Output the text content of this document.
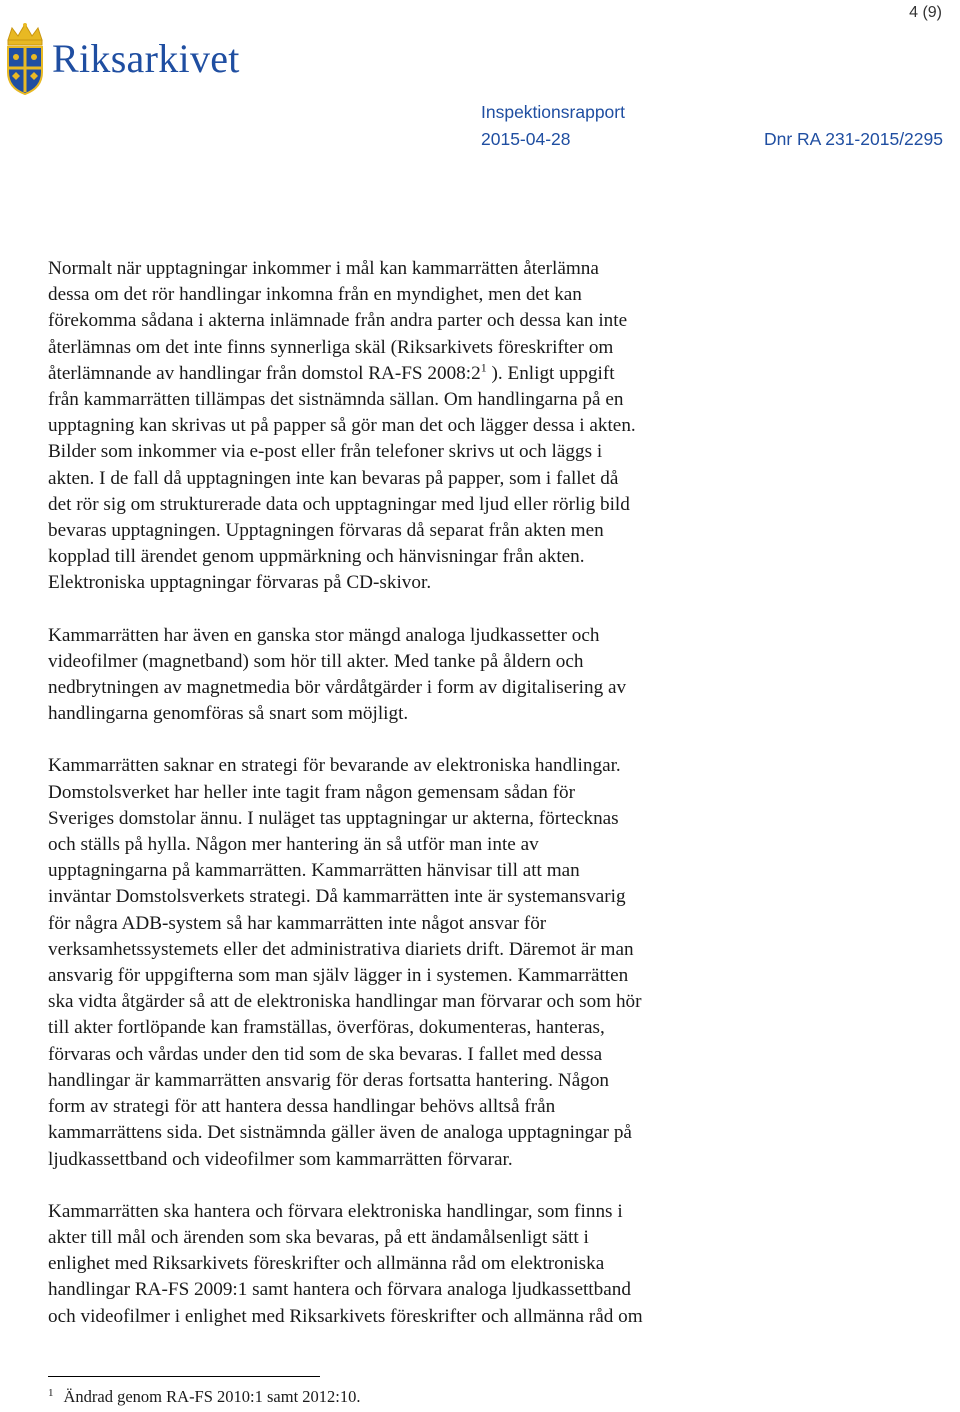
4 (9)
Riksarkivet
Inspektionsrapport
2015-04-28	Dnr RA 231-2015/2295

Normalt när upptagningar inkommer i mål kan kammarrätten återlämna
dessa om det rör handlingar inkomna från en myndighet, men det kan
förekomma sådana i akterna inlämnade från andra parter och dessa kan inte
återlämnas om det inte finns synnerliga skäl (Riksarkivets föreskrifter om
återlämnande av handlingar från domstol RA-FS $2008:2^1$ ). Enligt uppgift
från kammarrätten tillämpas det sistnämnda sällan. Om handlingarna på en
upptagning kan skrivas ut på papper så gör man det och lägger dessa i akten.
Bilder som inkommer via e-post eller från telefoner skrivs ut och läggs i
akten. I de fall då upptagningen inte kan bevaras på papper, som i fallet då
det rör sig om strukturerade data och upptagningar med ljud eller rörlig bild
bevaras upptagningen. Upptagningen förvaras då separat från akten men
kopplad till ärendet genom uppmärkning och hänvisningar från akten.
Elektroniska upptagningar förvaras på CD-skivor.

Kammarrätten har även en ganska stor mängd analoga ljudkassetter och
videofilmer (magnetband) som hör till akter. Med tanke på åldern och
nedbrytningen av magnetmedia bör vårdåtgärder i form av digitalisering av
handlingarna genomföras så snart som möjligt.

Kammarrätten saknar en strategi för bevarande av elektroniska handlingar.
Domstolsverket har heller inte tagit fram någon gemensam sådan för
Sveriges domstolar ännu. I nuläget tas upptagningar ur akterna, förtecknas
och ställs på hylla. Någon mer hantering än så utför man inte av
upptagningarna på kammarrätten. Kammarrätten hänvisar till att man
inväntar Domstolsverkets strategi. Då kammarrätten inte är systemansvarig
för några ADB-system så har kammarrätten inte något ansvar för
verksamhetssystemets eller det administrativa diariets drift. Däremot är man
ansvarig för uppgifterna som man själv lägger in i systemen. Kammarrätten
ska vidta åtgärder så att de elektroniska handlingar man förvarar och som hör
till akter fortlöpande kan framställas, överföras, dokumenteras, hanteras,
förvaras och vårdas under den tid som de ska bevaras. I fallet med dessa
handlingar är kammarrätten ansvarig för deras fortsatta hantering. Någon
form av strategi för att hantera dessa handlingar behövs alltså från
kammarrättens sida. Det sistnämnda gäller även de analoga upptagningar på
ljudkassettband och videofilmer som kammarrätten förvarar.

Kammarrätten ska hantera och förvara elektroniska handlingar, som finns i
akter till mål och ärenden som ska bevaras, på ett ändamålsenligt sätt i
enlighet med Riksarkivets föreskrifter och allmänna råd om elektroniska
handlingar RA-FS 2009:1 samt hantera och förvara analoga ljudkassettband
och videofilmer i enlighet med Riksarkivets föreskrifter och allmänna råd om

$^1$ Ändrad genom RA-FS 2010:1 samt 2012:10.
